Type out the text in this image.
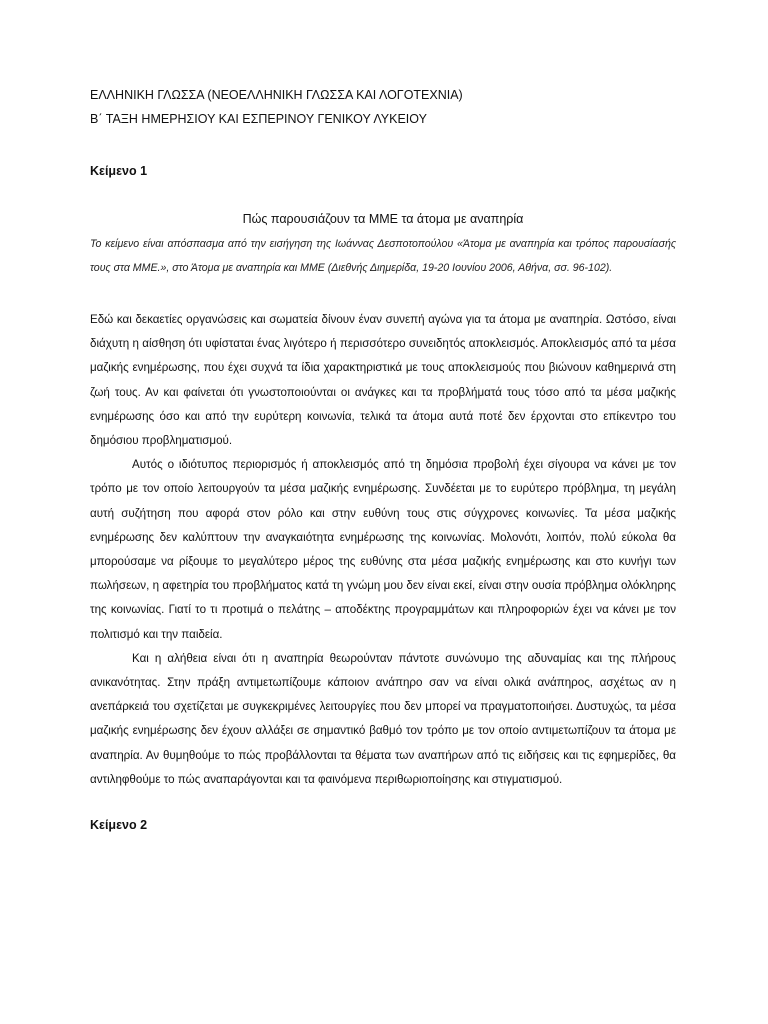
ΕΛΛΗΝΙΚΗ ΓΛΩΣΣΑ (ΝΕΟΕΛΛΗΝΙΚΗ ΓΛΩΣΣΑ ΚΑΙ ΛΟΓΟΤΕΧΝΙΑ)

Β΄ ΤΑΞΗ ΗΜΕΡΗΣΙΟΥ ΚΑΙ ΕΣΠΕΡΙΝΟΥ ΓΕΝΙΚΟΥ ΛΥΚΕΙΟΥ

Κείμενο 1

Πώς παρουσιάζουν τα ΜΜΕ τα άτομα με αναπηρία

Το κείμενο είναι απόσπασμα από την εισήγηση της Ιωάννας Δεσποτοπούλου «Άτομα με αναπηρία και τρόπος παρουσίασής τους στα ΜΜΕ.», στο Άτομα με αναπηρία και ΜΜΕ (Διεθνής Διημερίδα, 19-20 Ιουνίου 2006, Αθήνα, σσ. 96-102).

Εδώ και δεκαετίες οργανώσεις και σωματεία δίνουν έναν συνεπή αγώνα για τα άτομα με αναπηρία. Ωστόσο, είναι διάχυτη η αίσθηση ότι υφίσταται ένας λιγότερο ή περισσότερο συνειδητός αποκλεισμός. Αποκλεισμός από τα μέσα μαζικής ενημέρωσης, που έχει συχνά τα ίδια χαρακτηριστικά με τους αποκλεισμούς που βιώνουν καθημερινά στη ζωή τους. Αν και φαίνεται ότι γνωστοποιούνται οι ανάγκες και τα προβλήματά τους τόσο από τα μέσα μαζικής ενημέρωσης όσο και από την ευρύτερη κοινωνία, τελικά τα άτομα αυτά ποτέ δεν έρχονται στο επίκεντρο του δημόσιου προβληματισμού.

Αυτός ο ιδιότυπος περιορισμός ή αποκλεισμός από τη δημόσια προβολή έχει σίγουρα να κάνει με τον τρόπο με τον οποίο λειτουργούν τα μέσα μαζικής ενημέρωσης. Συνδέεται με το ευρύτερο πρόβλημα, τη μεγάλη αυτή συζήτηση που αφορά στον ρόλο και στην ευθύνη τους στις σύγχρονες κοινωνίες. Τα μέσα μαζικής ενημέρωσης δεν καλύπτουν την αναγκαιότητα ενημέρωσης της κοινωνίας. Μολονότι, λοιπόν, πολύ εύκολα θα μπορούσαμε να ρίξουμε το μεγαλύτερο μέρος της ευθύνης στα μέσα μαζικής ενημέρωσης και στο κυνήγι των πωλήσεων, η αφετηρία του προβλήματος κατά τη γνώμη μου δεν είναι εκεί, είναι στην ουσία πρόβλημα ολόκληρης της κοινωνίας. Γιατί το τι προτιμά ο πελάτης – αποδέκτης προγραμμάτων και πληροφοριών έχει να κάνει με τον πολιτισμό και την παιδεία.

Και η αλήθεια είναι ότι η αναπηρία θεωρούνταν πάντοτε συνώνυμο της αδυναμίας και της πλήρους ανικανότητας. Στην πράξη αντιμετωπίζουμε κάποιον ανάπηρο σαν να είναι ολικά ανάπηρος, ασχέτως αν η ανεπάρκειά του σχετίζεται με συγκεκριμένες λειτουργίες που δεν μπορεί να πραγματοποιήσει. Δυστυχώς, τα μέσα μαζικής ενημέρωσης δεν έχουν αλλάξει σε σημαντικό βαθμό τον τρόπο με τον οποίο αντιμετωπίζουν τα άτομα με αναπηρία. Αν θυμηθούμε το πώς προβάλλονται τα θέματα των αναπήρων από τις ειδήσεις και τις εφημερίδες, θα αντιληφθούμε το πώς αναπαράγονται και τα φαινόμενα περιθωριοποίησης και στιγματισμού.

Κείμενο 2
